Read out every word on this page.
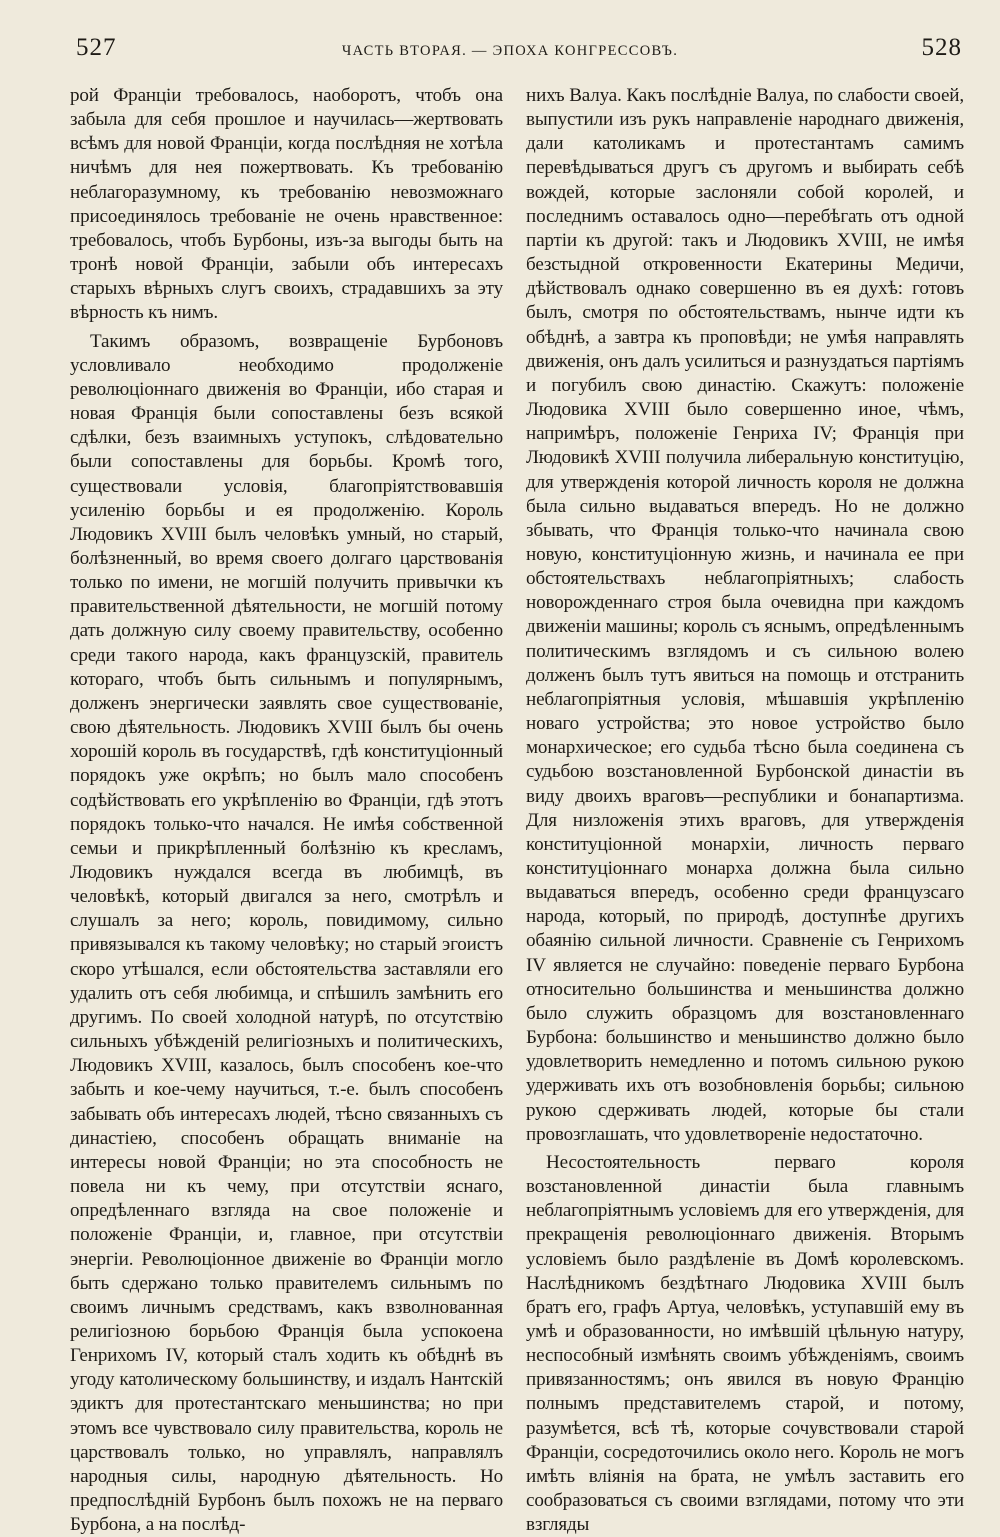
527	ЧАСТЬ ВТОРАЯ. — ЭПОХА КОНГРЕССОВЪ.	528

рой Франціи требовалось, наоборотъ, чтобъ она забыла для себя прошлое и научилась—жертвовать всѣмъ для новой Франціи, когда послѣдняя не хотѣла ничѣмъ для нея пожертвовать. Къ требованію неблагоразумному, къ требованію невозможнаго присоединялось требованіе не очень нравственное: требовалось, чтобъ Бурбоны, изъ-за выгоды быть на тронѣ новой Франціи, забыли объ интересахъ старыхъ вѣрныхъ слугъ своихъ, страдавшихъ за эту вѣрность къ нимъ.

Такимъ образомъ, возвращеніе Бурбоновъ условливало необходимо продолженіе революціоннаго движенія во Франціи, ибо старая и новая Франція были сопоставлены безъ всякой сдѣлки, безъ взаимныхъ уступокъ, слѣдовательно были сопоставлены для борьбы. Кромѣ того, существовали условія, благопріятствовавшія усиленію борьбы и ея продолженію. Король Людовикъ XVIII былъ человѣкъ умный, но старый, болѣзненный, во время своего долгаго царствованія только по имени, не могшій получить привычки къ правительственной дѣятельности, не могшій потому дать должную силу своему правительству, особенно среди такого народа, какъ французскій, правитель котораго, чтобъ быть сильнымъ и популярнымъ, долженъ энергически заявлять свое существованіе, свою дѣятельность. Людовикъ XVIII былъ бы очень хорошій король въ государствѣ, гдѣ конституціонный порядокъ уже окрѣпъ; но былъ мало способенъ содѣйствовать его укрѣпленію во Франціи, гдѣ этотъ порядокъ только-что начался. Не имѣя собственной семьи и прикрѣпленный болѣзнію къ кресламъ, Людовикъ нуждался всегда въ любимцѣ, въ человѣкѣ, который двигался за него, смотрѣлъ и слушалъ за него; король, повидимому, сильно привязывался къ такому человѣку; но старый эгоистъ скоро утѣшался, если обстоятельства заставляли его удалить отъ себя любимца, и спѣшилъ замѣнить его другимъ. По своей холодной натурѣ, по отсутствію сильныхъ убѣжденій религіозныхъ и политическихъ, Людовикъ XVIII, казалось, былъ способенъ кое-что забыть и кое-чему научиться, т.-е. былъ способенъ забывать объ интересахъ людей, тѣсно связанныхъ съ династіею, способенъ обращать вниманіе на интересы новой Франціи; но эта способность не повела ни къ чему, при отсутствіи яснаго, опредѣленнаго взгляда на свое положеніе и положеніе Франціи, и, главное, при отсутствіи энергіи. Революціонное движеніе во Франціи могло быть сдержано только правителемъ сильнымъ по своимъ личнымъ средствамъ, какъ взволнованная религіозною борьбою Франція была успокоена Генрихомъ IV, который сталъ ходить къ обѣднѣ въ угоду католическому большинству, и издалъ Нантскій эдиктъ для протестантскаго меньшинства; но при этомъ все чувствовало силу правительства, король не царствовалъ только, но управлялъ, направлялъ народныя силы, народную дѣятельность. Но предпослѣдній Бурбонъ былъ похожъ не на перваго Бурбона, а на послѣд-

нихъ Валуа. Какъ послѣдніе Валуа, по слабости своей, выпустили изъ рукъ направленіе народнаго движенія, дали католикамъ и протестантамъ самимъ перевѣдываться другъ съ другомъ и выбирать себѣ вождей, которые заслоняли собой королей, и последнимъ оставалось одно—перебѣгать отъ одной партіи къ другой: такъ и Людовикъ XVIII, не имѣя безстыдной откровенности Екатерины Медичи, дѣйствовалъ однако совершенно въ ея духѣ: готовъ былъ, смотря по обстоятельствамъ, нынче идти къ обѣднѣ, а завтра къ проповѣди; не умѣя направлять движенія, онъ далъ усилиться и разнуздаться партіямъ и погубилъ свою династію. Скажутъ: положеніе Людовика XVIII было совершенно иное, чѣмъ, напримѣръ, положеніе Генриха IV; Франція при Людовикѣ XVIII получила либеральную конституцію, для утвержденія которой личность короля не должна была сильно выдаваться впередъ. Но не должно збывать, что Франція только-что начинала свою новую, конституціонную жизнь, и начинала ее при обстоятельствахъ неблагопріятныхъ; слабость новорожденнаго строя была очевидна при каждомъ движеніи машины; король съ яснымъ, опредѣленнымъ политическимъ взглядомъ и съ сильною волею долженъ былъ тутъ явиться на помощь и отстранить неблагопріятныя условія, мѣшавшія укрѣпленію новаго устройства; это новое устройство было монархическое; его судьба тѣсно была соединена съ судьбою возстановленной Бурбонской династіи въ виду двоихъ враговъ—республики и бонапартизма. Для низложенія этихъ враговъ, для утвержденія конституціонной монархіи, личность перваго конституціоннаго монарха должна была сильно выдаваться впередъ, особенно среди французсаго народа, который, по природѣ, доступнѣе другихъ обаянію сильной личности. Сравненіе съ Генрихомъ IV является не случайно: поведеніе перваго Бурбона относительно большинства и меньшинства должно было служить образцомъ для возстановленнаго Бурбона: большинство и меньшинство должно было удовлетворить немедленно и потомъ сильною рукою удерживать ихъ отъ возобновленія борьбы; сильною рукою сдерживать людей, которые бы стали провозглашать, что удовлетвореніе недостаточно.

Несостоятельность перваго короля возстановленной династіи была главнымъ неблагопріятнымъ условіемъ для его утвержденія, для прекращенія революціоннаго движенія. Вторымъ условіемъ было раздѣленіе въ Домѣ королевскомъ. Наслѣдникомъ бездѣтнаго Людовика XVIII былъ братъ его, графъ Артуа, человѣкъ, уступавшій ему въ умѣ и образованности, но имѣвшій цѣльную натуру, неспособный измѣнять своимъ убѣжденіямъ, своимъ привязанностямъ; онъ явился въ новую Францію полнымъ представителемъ старой, и потому, разумѣется, всѣ тѣ, которые сочувствовали старой Франціи, сосредоточились около него. Король не могъ имѣть вліянія на брата, не умѣлъ заставить его сообразоваться съ своими взглядами, потому что эти взгляды
